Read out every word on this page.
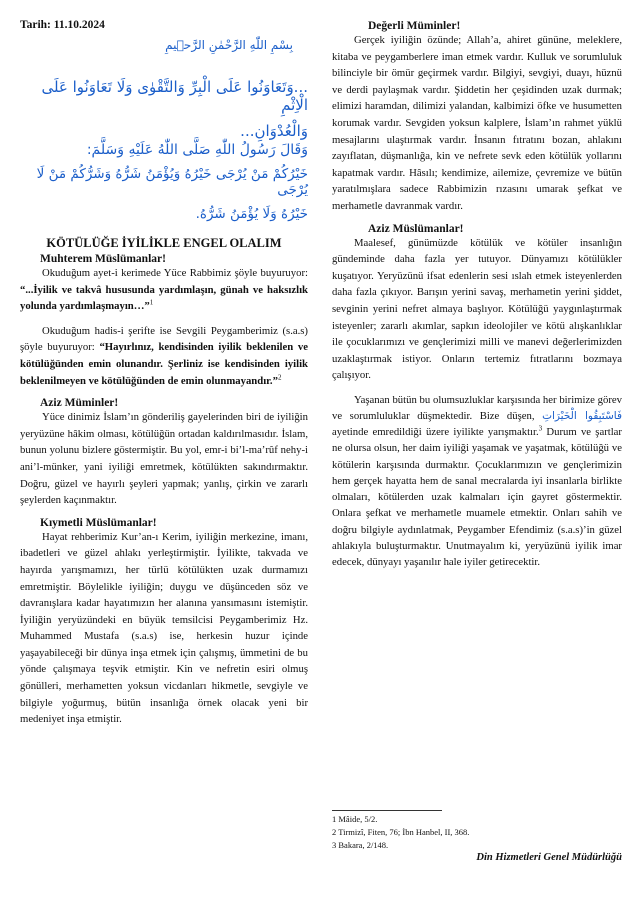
Tarih: 11.10.2024
بِسْمِ اللّٰهِ الرَّحْمٰنِ الرَّح۪يمِ

...وَتَعَاوَنُوا عَلَى الْبِرِّ وَالتَّقْوٰى وَلَا تَعَاوَنُوا عَلَى الْاِثْمِ

وَالْعُدْوَانِ...

وَقَالَ رَسُولُ اللّٰهِ صَلَّى اللّٰهُ عَلَيْهِ وَسَلَّمَ:

خَيْرُكُمْ مَنْ يُرْجَى خَيْرُهُ وَيُؤْمَنُ شَرُّهُ وَشَرُّكُمْ مَنْ لَا يُرْجَى

خَيْرُهُ وَلَا يُؤْمَنُ شَرُّهُ.

KÖTÜLÜĞE İYİLİKLE ENGEL OLALIM

Muhterem Müslümanlar!

Okuduğum ayet-i kerimede Yüce Rabbimiz şöyle buyuruyor: “...İyilik ve takvâ hususunda yardımlaşın, günah ve haksızlık yolunda yardımlaşmayın…”$^1$

Okuduğum hadis-i şerifte ise Sevgili Peygamberimiz (s.a.s) şöyle buyuruyor: “Hayırlınız, kendisinden iyilik beklenilen ve kötülüğünden emin olunandır. Şerliniz ise kendisinden iyilik beklenilmeyen ve kötülüğünden de emin olunmayandır.”$^2$

Aziz Müminler!

Yüce dinimiz İslam’ın gönderiliş gayelerinden biri de iyiliğin yeryüzüne hâkim olması, kötülüğün ortadan kaldırılmasıdır. İslam, bunun yolunu bizlere göstermiştir. Bu yol, emr-i bi’l-ma’rûf nehy-i ani’l-münker, yani iyiliği emretmek, kötülükten sakındırmaktır. Doğru, güzel ve hayırlı şeyleri yapmak; yanlış, çirkin ve zararlı şeylerden kaçınmaktır.

Kıymetli Müslümanlar!

Hayat rehberimiz Kur’an-ı Kerim, iyiliğin merkezine, imanı, ibadetleri ve güzel ahlakı yerleştirmiştir. İyilikte, takvada ve hayırda yarışmamızı, her türlü kötülükten uzak durmamızı emretmiştir. Böylelikle iyiliğin; duygu ve düşünceden söz ve davranışlara kadar hayatımızın her alanına yansımasını istemiştir. İyiliğin yeryüzündeki en büyük temsilcisi Peygamberimiz Hz. Muhammed Mustafa (s.a.s) ise, herkesin huzur içinde yaşayabileceği bir dünya inşa etmek için çalışmış, ümmetini de bu yönde çalışmaya teşvik etmiştir. Kin ve nefretin esiri olmuş gönülleri, merhametten yoksun vicdanları hikmetle, sevgiyle ve bilgiyle yoğurmuş, bütün insanlığa örnek olacak yeni bir medeniyet inşa etmiştir.

Değerli Müminler!

Gerçek iyiliğin özünde; Allah’a, ahiret gününe, meleklere, kitaba ve peygamberlere iman etmek vardır. Kulluk ve sorumluluk bilinciyle bir ömür geçirmek vardır. Bilgiyi, sevgiyi, duayı, hüznü ve derdi paylaşmak vardır. Şiddetin her çeşidinden uzak durmak; elimizi haramdan, dilimizi yalandan, kalbimizi öfke ve husumetten korumak vardır. Sevgiden yoksun kalplere, İslam’ın rahmet yüklü mesajlarını ulaştırmak vardır. İnsanın fıtratını bozan, ahlakını zayıflatan, düşmanlığa, kin ve nefrete sevk eden kötülük yollarını kapatmak vardır. Hâsılı; kendimize, ailemize, çevremize ve bütün yaratılmışlara sadece Rabbimizin rızasını umarak şefkat ve merhametle davranmak vardır.

Aziz Müslümanlar!

Maalesef, günümüzde kötülük ve kötüler insanlığın gündeminde daha fazla yer tutuyor. Dünyamızı kötülükler kuşatıyor. Yeryüzünü ifsat edenlerin sesi ıslah etmek isteyenlerden daha fazla çıkıyor. Barışın yerini savaş, merhametin yerini şiddet, sevginin yerini nefret almaya başlıyor. Kötülüğü yaygınlaştırmak isteyenler; zararlı akımlar, sapkın ideolojiler ve kötü alışkanlıklar ile çocuklarımızı ve gençlerimizi milli ve manevi değerlerimizden uzaklaştırmak istiyor. Onların tertemiz fıtratlarını bozmaya çalışıyor.

Yaşanan bütün bu olumsuzluklar karşısında her birimize görev ve sorumluluklar düşmektedir. Bize düşen, فَاسْتَبِقُوا الْخَيْرَاتِ ayetinde emredildiği üzere iyilikte yarışmaktır.$^3$ Durum ve şartlar ne olursa olsun, her daim iyiliği yaşamak ve yaşatmak, kötülüğü ve kötülerin karşısında durmaktır. Çocuklarımızın ve gençlerimizin hem gerçek hayatta hem de sanal mecralarda iyi insanlarla birlikte olmaları, kötülerden uzak kalmaları için gayret göstermektir. Onlara şefkat ve merhametle muamele etmektir. Onları sahih ve doğru bilgiyle aydınlatmak, Peygamber Efendimiz (s.a.s)’in güzel ahlakıyla buluşturmaktır. Unutmayalım ki, yeryüzünü iyilik imar edecek, dünyayı yaşanılır hale iyiler getirecektir.

1 Mâide, 5/2.

2 Tirmizî, Fiten, 76; İbn Hanbel, II, 368.

3 Bakara, 2/148.

Din Hizmetleri Genel Müdürlüğü
